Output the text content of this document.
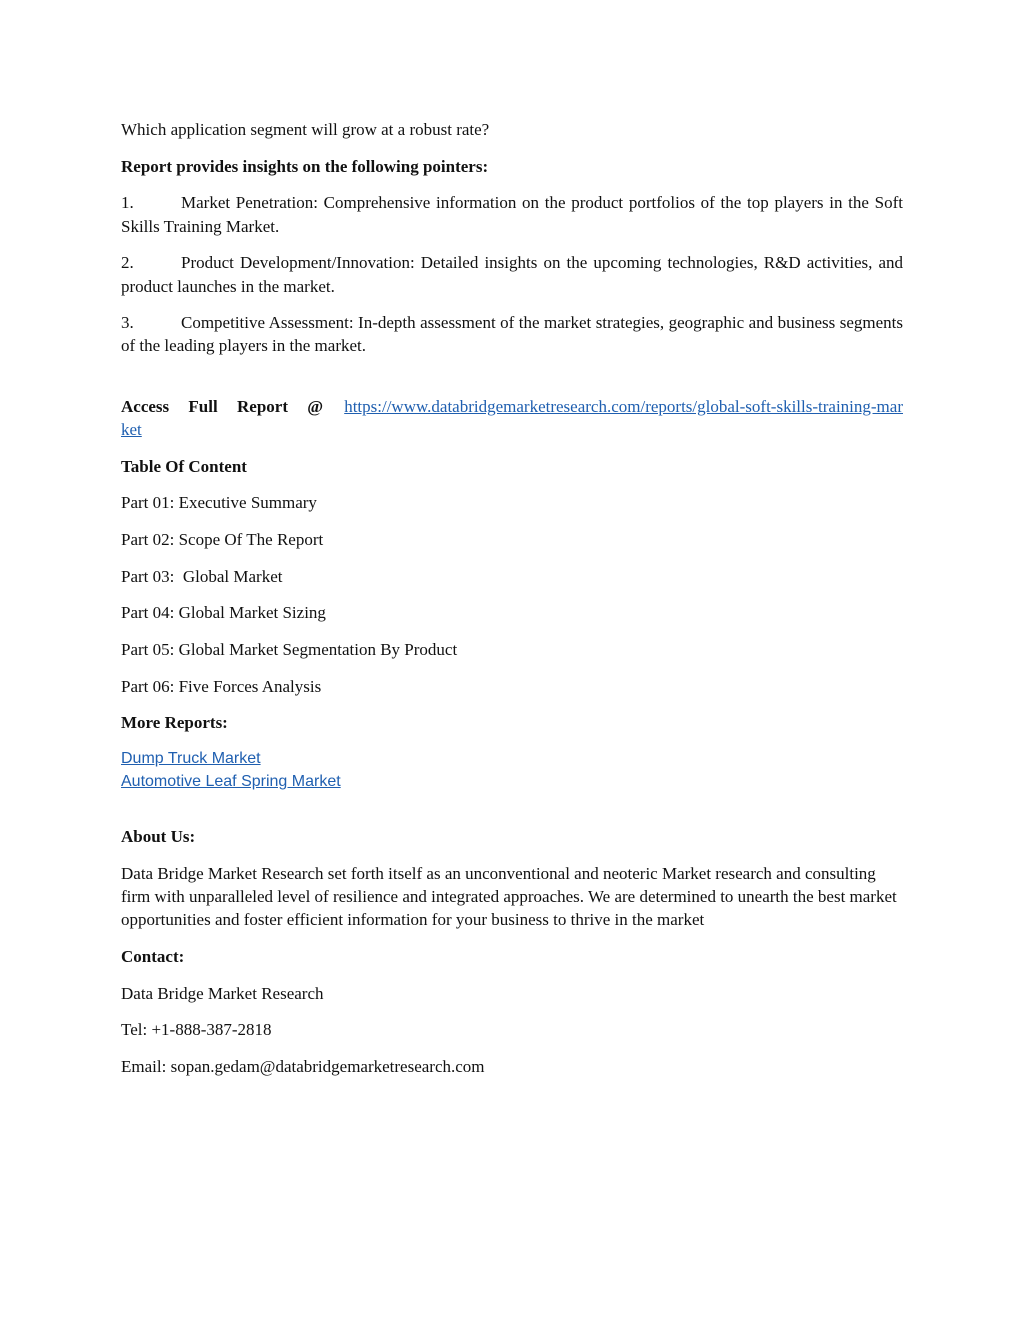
Which application segment will grow at a robust rate?

Report provides insights on the following pointers:

1.	Market Penetration: Comprehensive information on the product portfolios of the top players in the Soft Skills Training Market.

2.	Product Development/Innovation: Detailed insights on the upcoming technologies, R&D activities, and product launches in the market.

3.	Competitive Assessment: In-depth assessment of the market strategies, geographic and business segments of the leading players in the market.

Access Full Report @ https://www.databridgemarketresearch.com/reports/global-soft-skills-training-market

Table Of Content

Part 01: Executive Summary

Part 02: Scope Of The Report

Part 03:  Global Market

Part 04: Global Market Sizing

Part 05: Global Market Segmentation By Product

Part 06: Five Forces Analysis

More Reports:

Dump Truck Market
Automotive Leaf Spring Market

About Us:

Data Bridge Market Research set forth itself as an unconventional and neoteric Market research and consulting firm with unparalleled level of resilience and integrated approaches. We are determined to unearth the best market opportunities and foster efficient information for your business to thrive in the market

Contact:

Data Bridge Market Research

Tel: +1-888-387-2818

Email: sopan.gedam@databridgemarketresearch.com
